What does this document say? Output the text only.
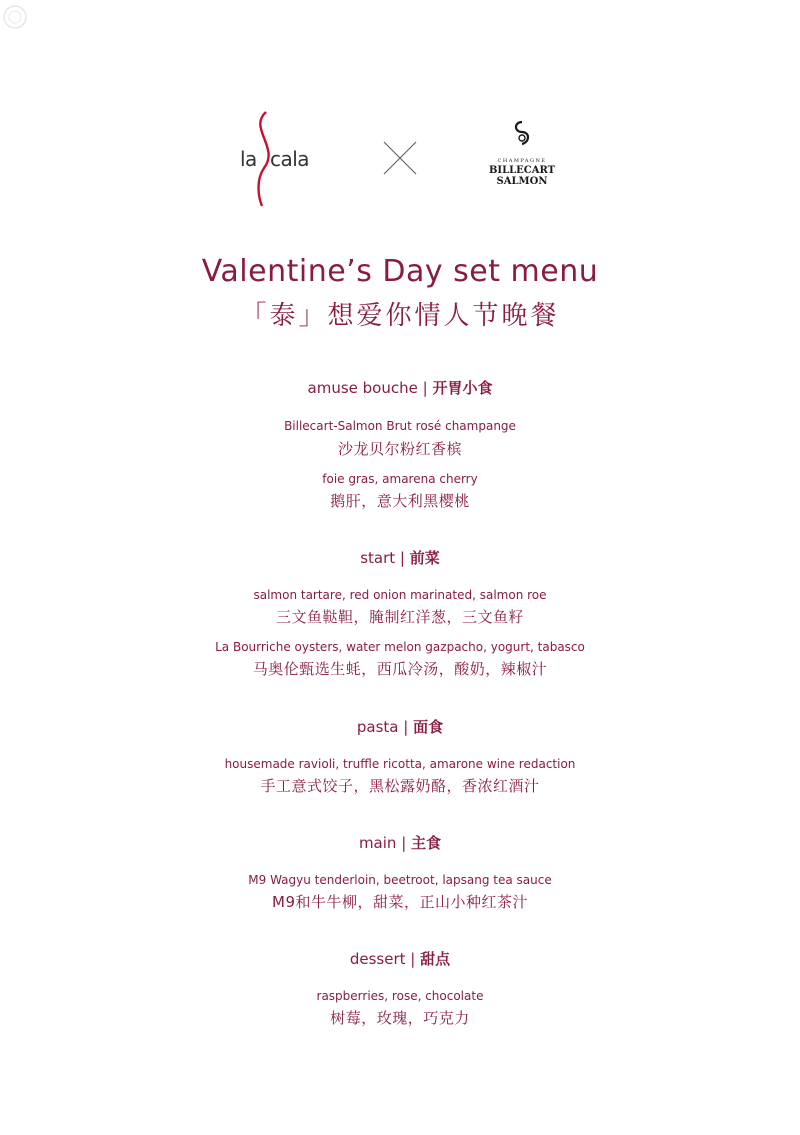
la cala	CHAMPAGNE
BILLECART
SALMON
Valentine’s Day set menu
「泰」想爱你情人节晚餐
amuse bouche | 开胃小食
Billecart-Salmon Brut rosé champange
沙龙贝尔粉红香槟
foie gras, amarena cherry
鹅肝，意大利黑樱桃
start | 前菜
salmon tartare, red onion marinated, salmon roe
三文鱼鞑靼，腌制红洋葱，三文鱼籽
La Bourriche oysters, water melon gazpacho, yogurt, tabasco
马奥伦甄选生蚝，西瓜冷汤，酸奶，辣椒汁
pasta | 面食
housemade ravioli, truffle ricotta, amarone wine redaction
手工意式饺子，黑松露奶酪，香浓红酒汁
main | 主食
M9 Wagyu tenderloin, beetroot, lapsang tea sauce
M9和牛牛柳，甜菜，正山小种红茶汁
dessert | 甜点
raspberries, rose, chocolate
树莓，玫瑰，巧克力
